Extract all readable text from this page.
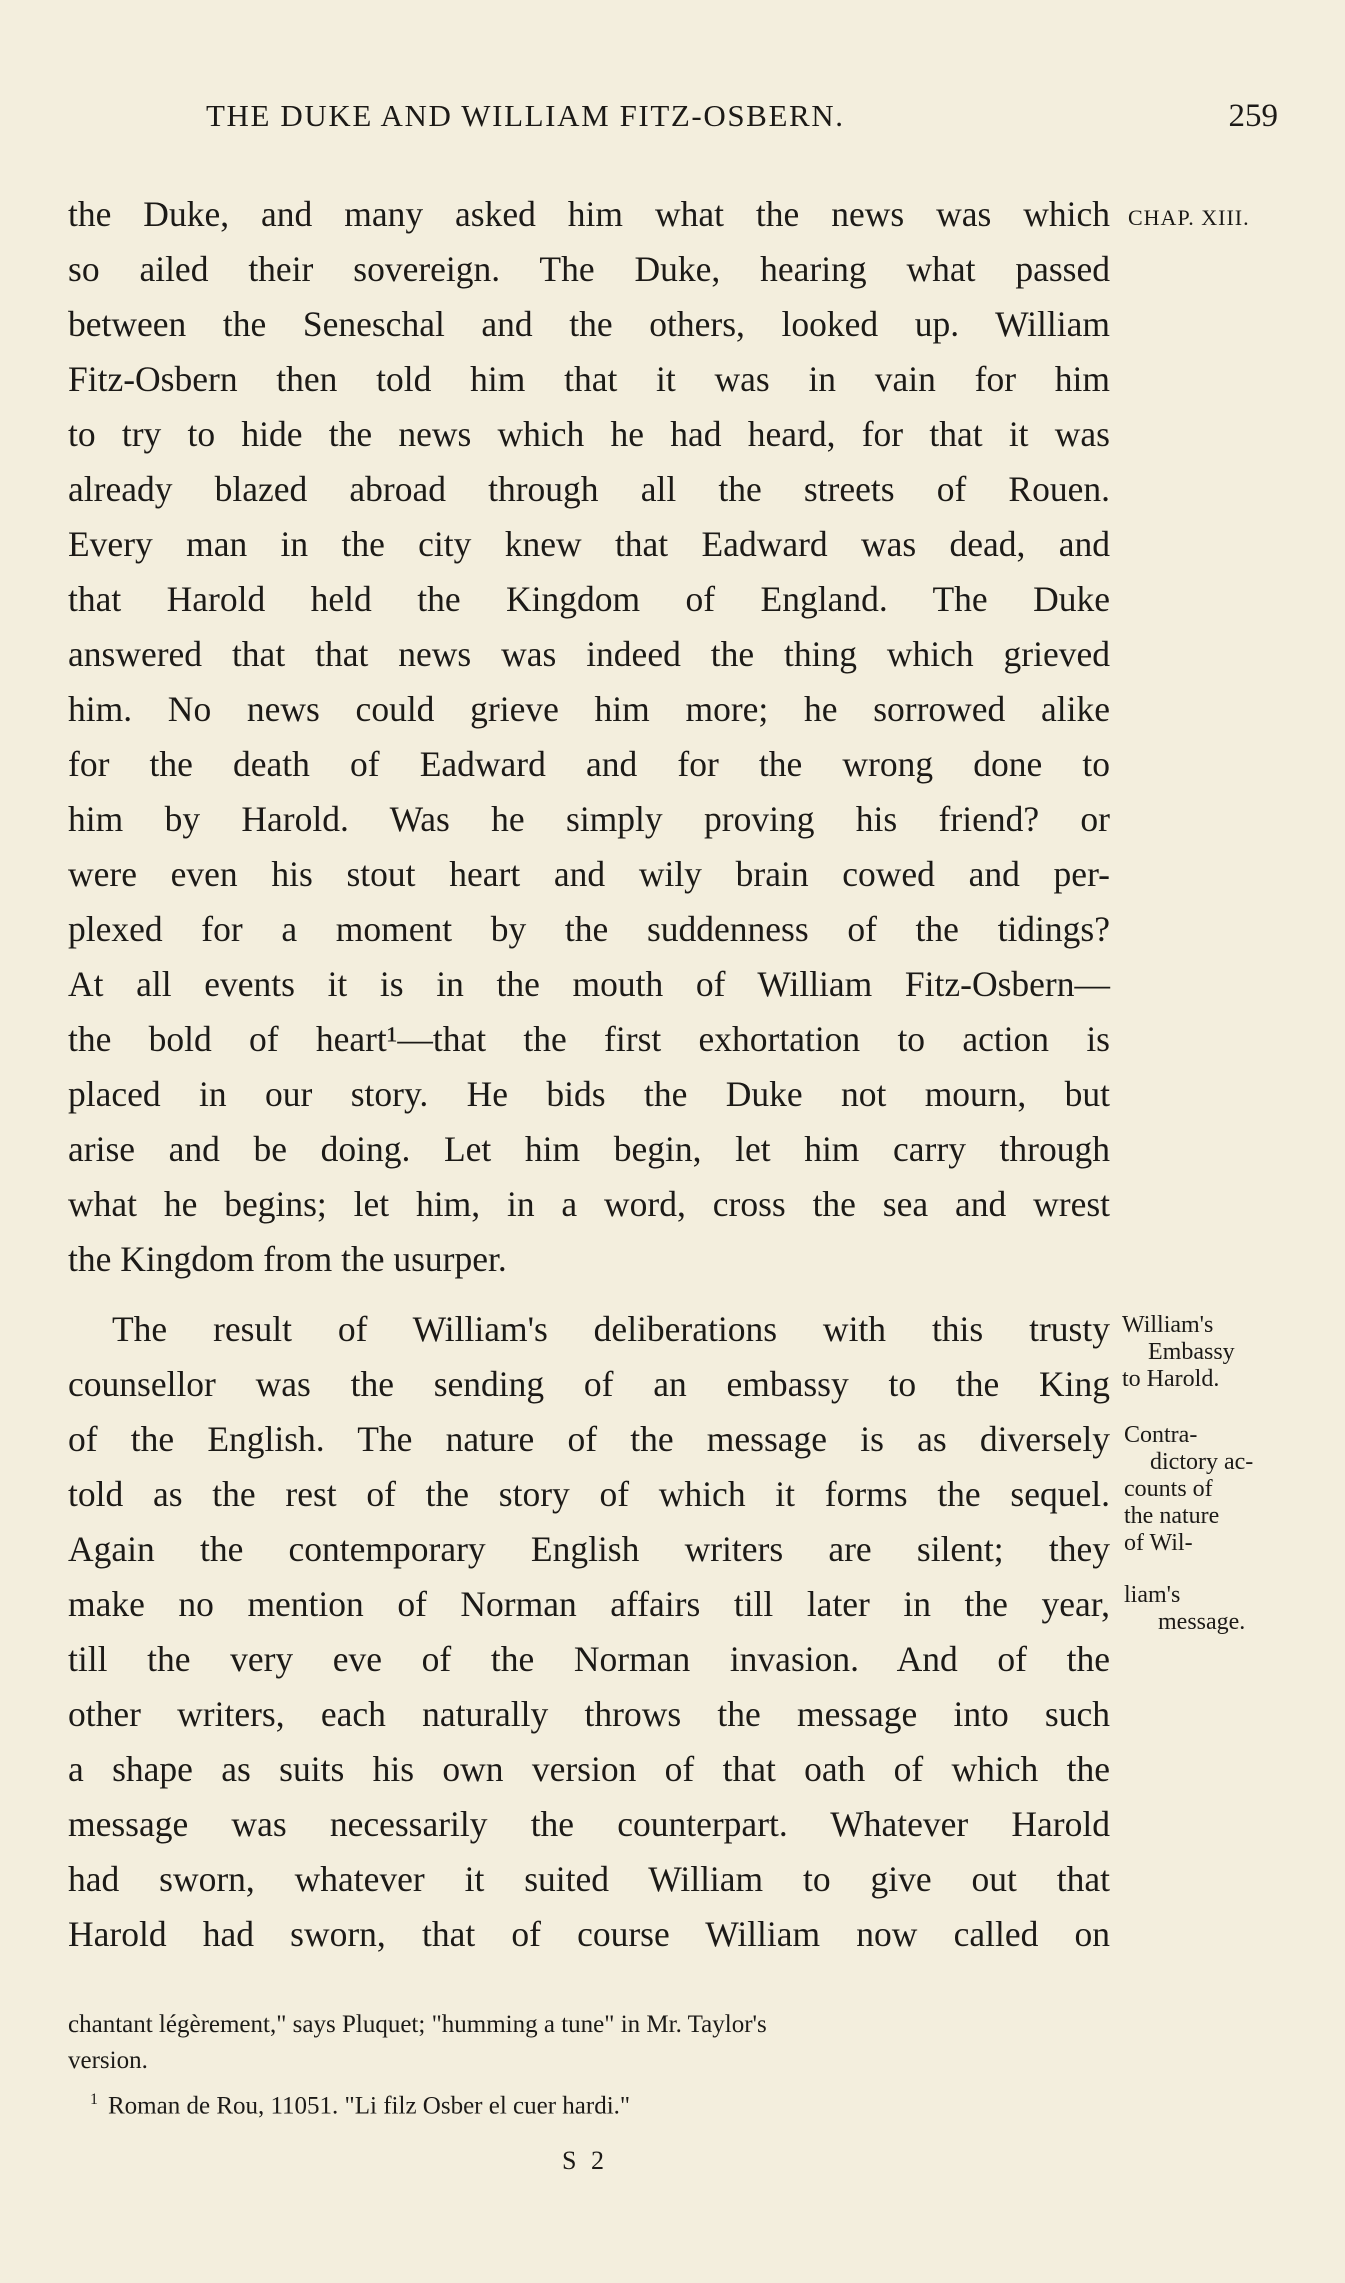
THE DUKE AND WILLIAM FITZ-OSBERN.	259
the Duke, and many asked him what the news was which
so ailed their sovereign. The Duke, hearing what passed
between the Seneschal and the others, looked up. William
Fitz-Osbern then told him that it was in vain for him
to try to hide the news which he had heard, for that it was
already blazed abroad through all the streets of Rouen.
Every man in the city knew that Eadward was dead, and
that Harold held the Kingdom of England. The Duke
answered that that news was indeed the thing which grieved
him. No news could grieve him more; he sorrowed alike
for the death of Eadward and for the wrong done to
him by Harold. Was he simply proving his friend? or
were even his stout heart and wily brain cowed and per-
plexed for a moment by the suddenness of the tidings?
At all events it is in the mouth of William Fitz-Osbern—
the bold of heart¹—that the first exhortation to action is
placed in our story. He bids the Duke not mourn, but
arise and be doing. Let him begin, let him carry through
what he begins; let him, in a word, cross the sea and wrest
the Kingdom from the usurper.
The result of William's deliberations with this trusty
counsellor was the sending of an embassy to the King
of the English. The nature of the message is as diversely
told as the rest of the story of which it forms the sequel.
Again the contemporary English writers are silent; they
make no mention of Norman affairs till later in the year,
till the very eve of the Norman invasion. And of the
other writers, each naturally throws the message into such
a shape as suits his own version of that oath of which the
message was necessarily the counterpart. Whatever Harold
had sworn, whatever it suited William to give out that
Harold had sworn, that of course William now called on
CHAP. XIII.
William's
Embassy
to Harold.
Contra-
dictory ac-
counts of
the nature
of Wil-
liam's
message.
chantant légèrement," says Pluquet; "humming a tune" in Mr. Taylor's
version.
$^1$ Roman de Rou, 11051. "Li filz Osber el cuer hardi."
S 2
